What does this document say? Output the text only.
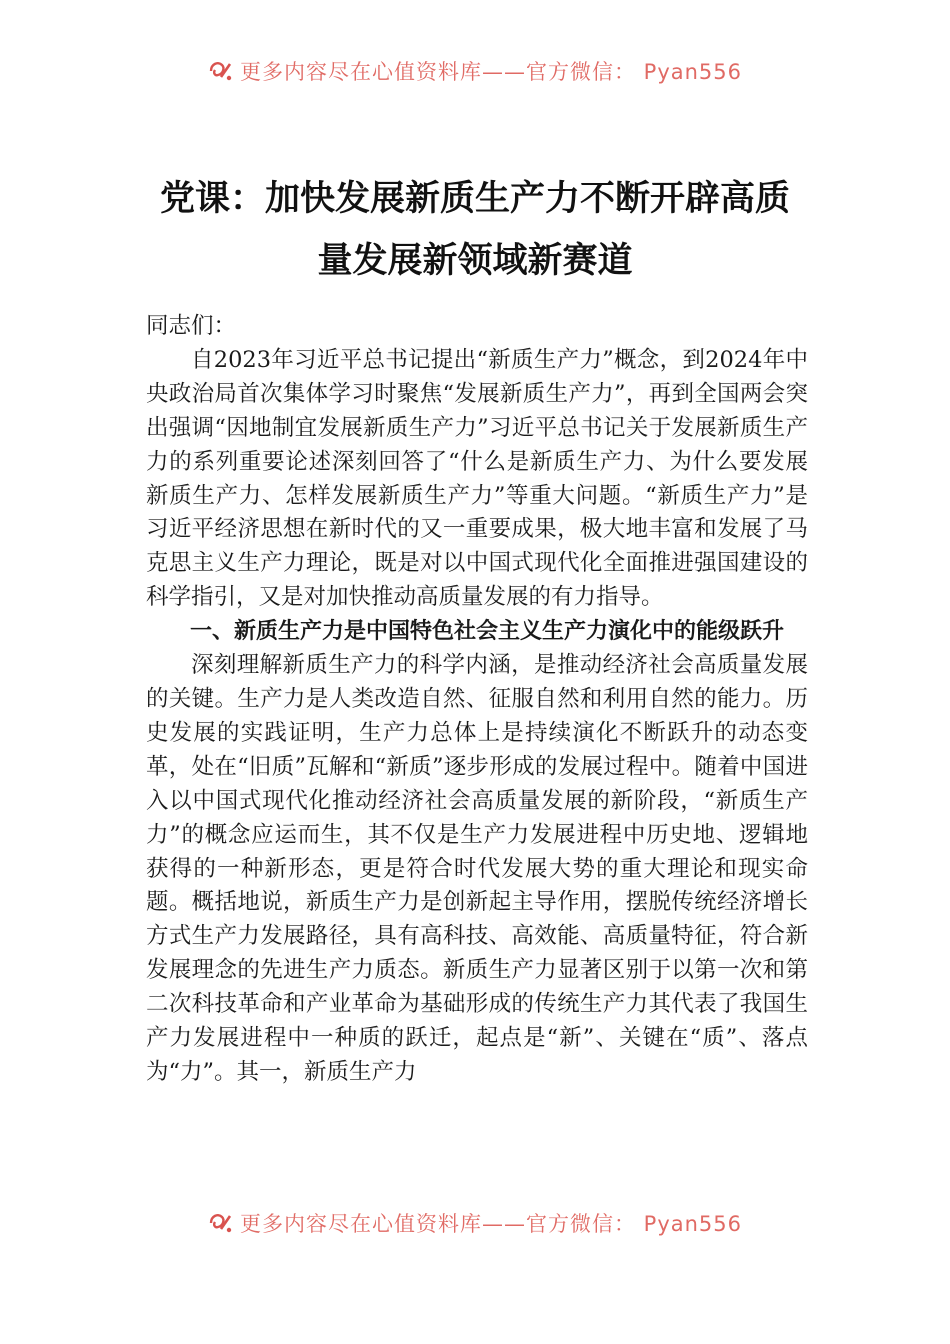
更多内容尽在心值资料库——官方微信： Pyan556
党课：加快发展新质生产力不断开辟高质
量发展新领域新赛道

同志们：

自2023年习近平总书记提出“新质生产力”概念，到2024年中央政治局首次集体学习时聚焦“发展新质生产力”，再到全国两会突出强调“因地制宜发展新质生产力”习近平总书记关于发展新质生产力的系列重要论述深刻回答了“什么是新质生产力、为什么要发展新质生产力、怎样发展新质生产力”等重大问题。“新质生产力”是习近平经济思想在新时代的又一重要成果，极大地丰富和发展了马克思主义生产力理论，既是对以中国式现代化全面推进强国建设的科学指引，又是对加快推动高质量发展的有力指导。

一、新质生产力是中国特色社会主义生产力演化中的能级跃升

深刻理解新质生产力的科学内涵，是推动经济社会高质量发展的关键。生产力是人类改造自然、征服自然和利用自然的能力。历史发展的实践证明，生产力总体上是持续演化不断跃升的动态变革，处在“旧质”瓦解和“新质”逐步形成的发展过程中。随着中国进入以中国式现代化推动经济社会高质量发展的新阶段，“新质生产力”的概念应运而生，其不仅是生产力发展进程中历史地、逻辑地获得的一种新形态，更是符合时代发展大势的重大理论和现实命题。概括地说，新质生产力是创新起主导作用，摆脱传统经济增长方式生产力发展路径，具有高科技、高效能、高质量特征，符合新发展理念的先进生产力质态。新质生产力显著区别于以第一次和第二次科技革命和产业革命为基础形成的传统生产力其代表了我国生产力发展进程中一种质的跃迁，起点是“新”、关键在“质”、落点为“力”。其一，新质生产力

更多内容尽在心值资料库——官方微信： Pyan556
